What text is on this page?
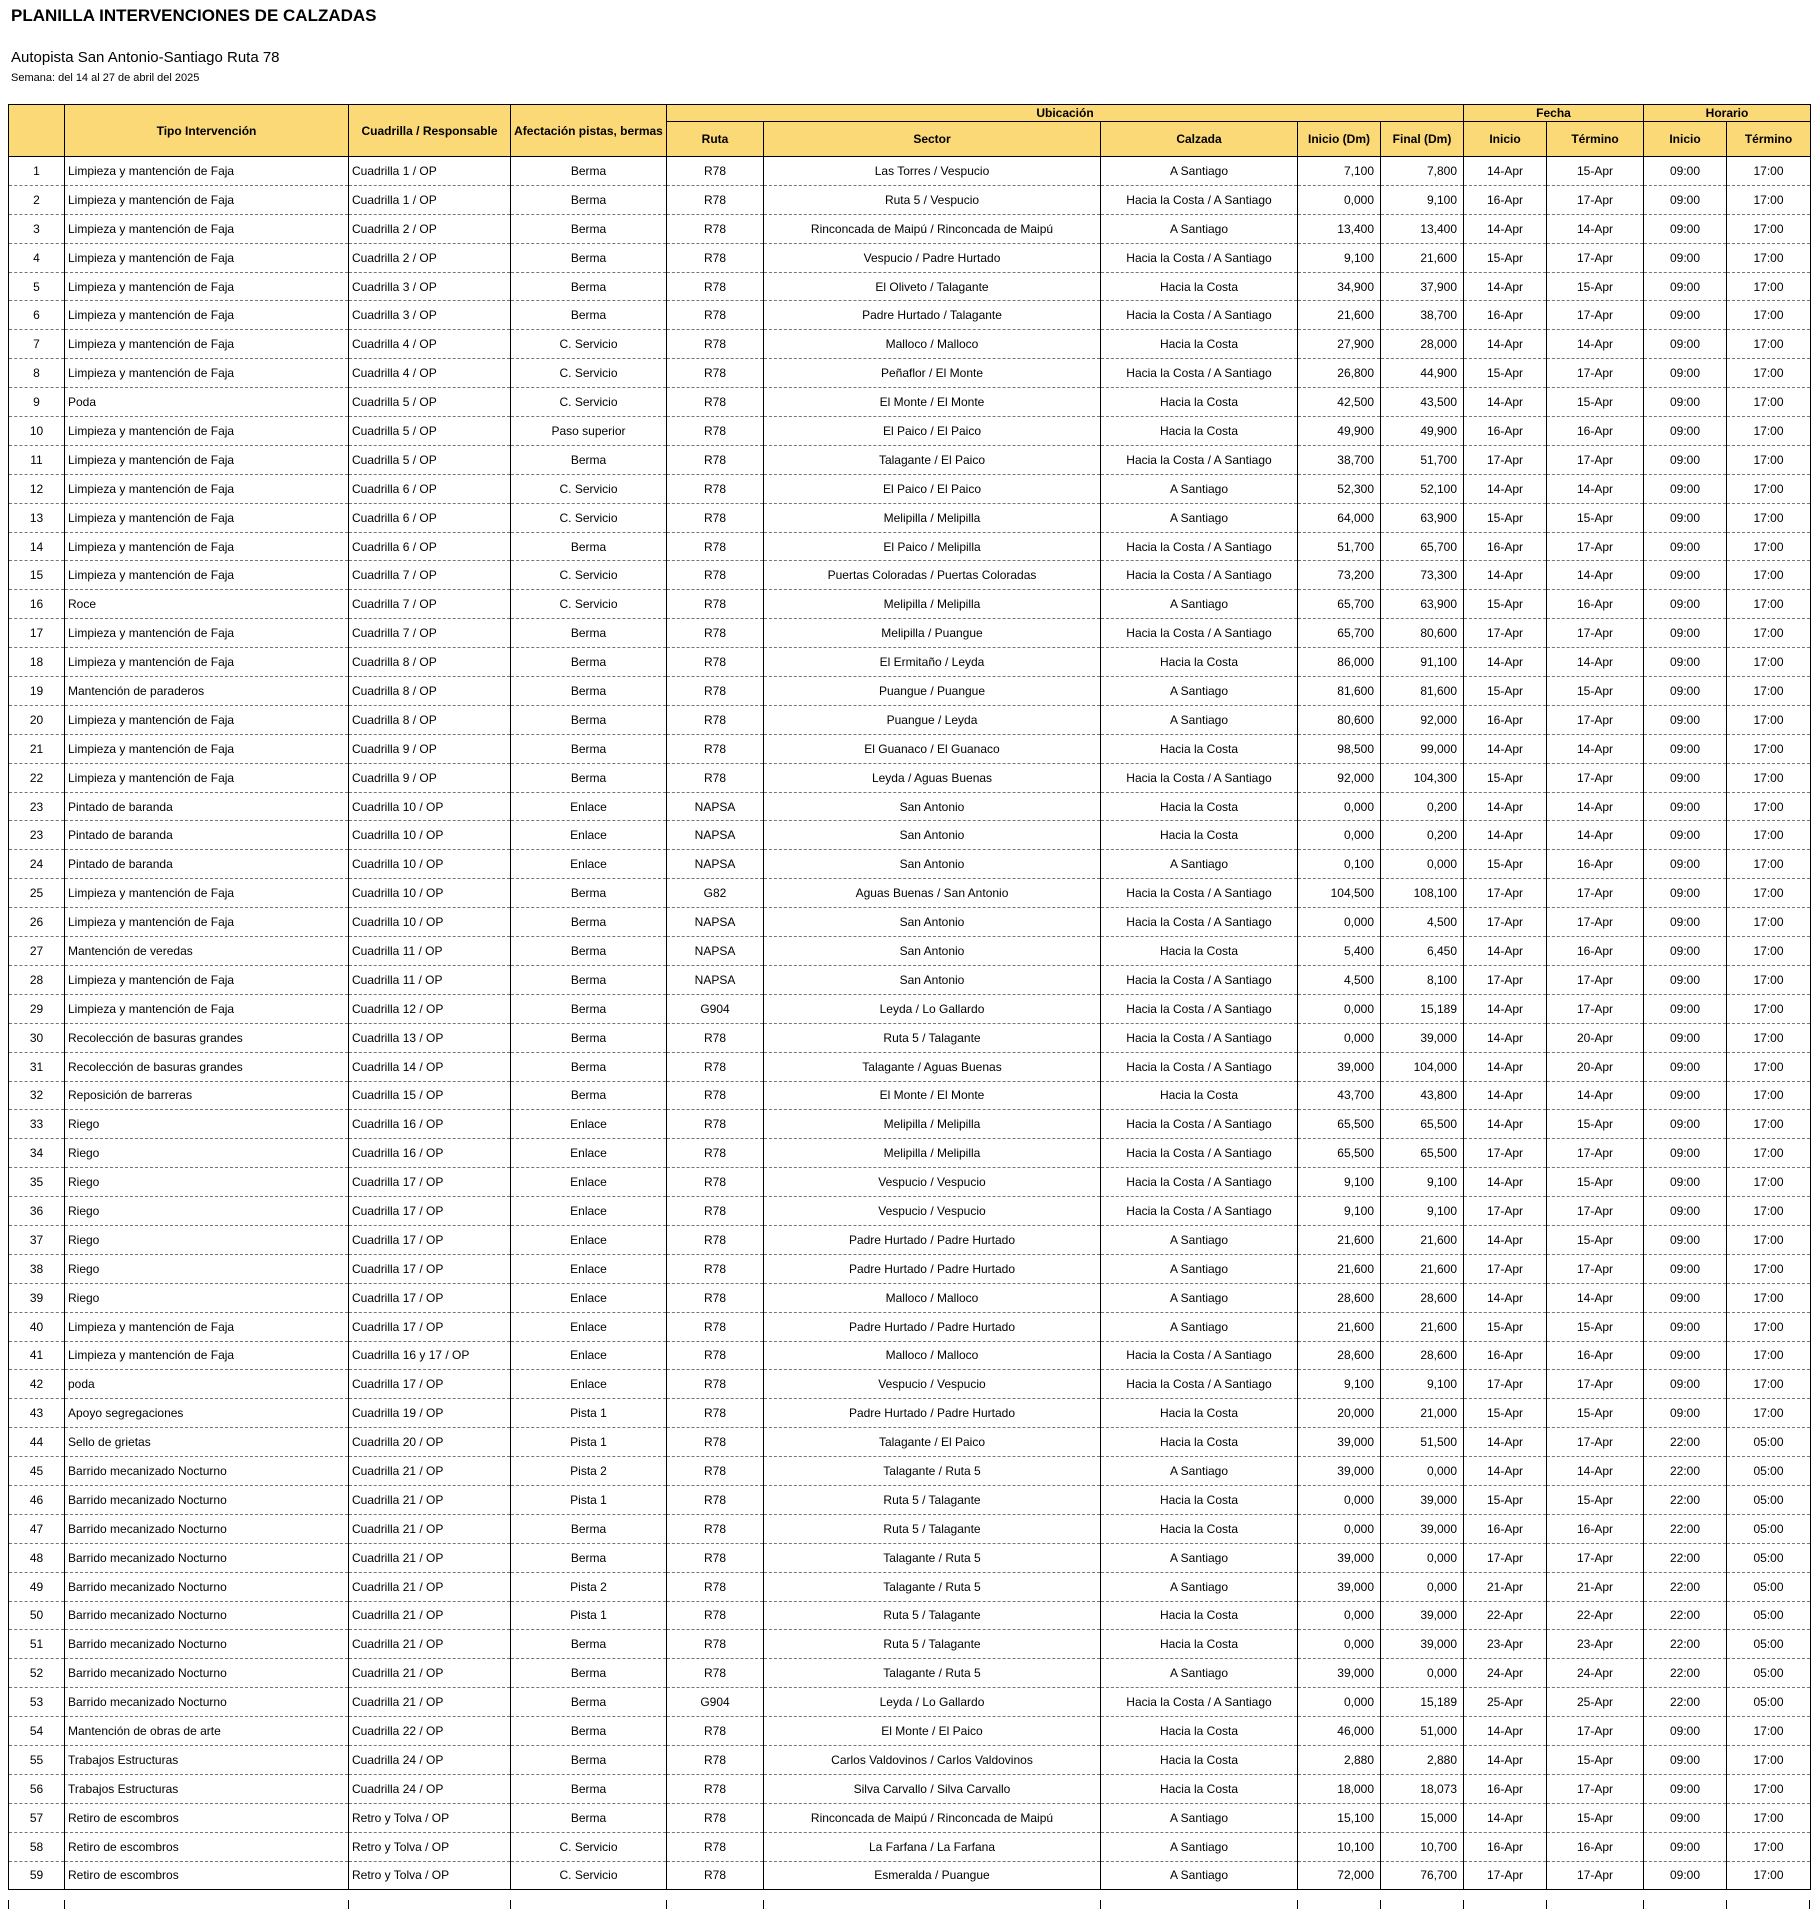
PLANILLA INTERVENCIONES DE CALZADAS
Autopista San Antonio-Santiago Ruta 78
Semana: del 14 al 27 de abril del 2025
	Tipo Intervención	Cuadrilla / Responsable	Afectación pistas, bermas	Ubicación					Fecha		Horario	
				Ruta	Sector	Calzada	Inicio (Dm)	Final (Dm)	Inicio	Término	Inicio	Término
1	Limpieza y mantención de Faja	Cuadrilla 1 / OP	Berma	R78	Las Torres / Vespucio	A Santiago	7,100	7,800	14-Apr	15-Apr	09:00	17:00
2	Limpieza y mantención de Faja	Cuadrilla 1 / OP	Berma	R78	Ruta 5 / Vespucio	Hacia la Costa / A Santiago	0,000	9,100	16-Apr	17-Apr	09:00	17:00
3	Limpieza y mantención de Faja	Cuadrilla 2 / OP	Berma	R78	Rinconcada de Maipú / Rinconcada de Maipú	A Santiago	13,400	13,400	14-Apr	14-Apr	09:00	17:00
4	Limpieza y mantención de Faja	Cuadrilla 2 / OP	Berma	R78	Vespucio / Padre Hurtado	Hacia la Costa / A Santiago	9,100	21,600	15-Apr	17-Apr	09:00	17:00
5	Limpieza y mantención de Faja	Cuadrilla 3 / OP	Berma	R78	El Oliveto / Talagante	Hacia la Costa	34,900	37,900	14-Apr	15-Apr	09:00	17:00
6	Limpieza y mantención de Faja	Cuadrilla 3 / OP	Berma	R78	Padre Hurtado / Talagante	Hacia la Costa / A Santiago	21,600	38,700	16-Apr	17-Apr	09:00	17:00
7	Limpieza y mantención de Faja	Cuadrilla 4 / OP	C. Servicio	R78	Malloco / Malloco	Hacia la Costa	27,900	28,000	14-Apr	14-Apr	09:00	17:00
8	Limpieza y mantención de Faja	Cuadrilla 4 / OP	C. Servicio	R78	Peñaflor / El Monte	Hacia la Costa / A Santiago	26,800	44,900	15-Apr	17-Apr	09:00	17:00
9	Poda	Cuadrilla 5 / OP	C. Servicio	R78	El Monte / El Monte	Hacia la Costa	42,500	43,500	14-Apr	15-Apr	09:00	17:00
10	Limpieza y mantención de Faja	Cuadrilla 5 / OP	Paso superior	R78	El Paico / El Paico	Hacia la Costa	49,900	49,900	16-Apr	16-Apr	09:00	17:00
11	Limpieza y mantención de Faja	Cuadrilla 5 / OP	Berma	R78	Talagante / El Paico	Hacia la Costa / A Santiago	38,700	51,700	17-Apr	17-Apr	09:00	17:00
12	Limpieza y mantención de Faja	Cuadrilla 6 / OP	C. Servicio	R78	El Paico / El Paico	A Santiago	52,300	52,100	14-Apr	14-Apr	09:00	17:00
13	Limpieza y mantención de Faja	Cuadrilla 6 / OP	C. Servicio	R78	Melipilla / Melipilla	A Santiago	64,000	63,900	15-Apr	15-Apr	09:00	17:00
14	Limpieza y mantención de Faja	Cuadrilla 6 / OP	Berma	R78	El Paico / Melipilla	Hacia la Costa / A Santiago	51,700	65,700	16-Apr	17-Apr	09:00	17:00
15	Limpieza y mantención de Faja	Cuadrilla 7 / OP	C. Servicio	R78	Puertas Coloradas / Puertas Coloradas	Hacia la Costa / A Santiago	73,200	73,300	14-Apr	14-Apr	09:00	17:00
16	Roce	Cuadrilla 7 / OP	C. Servicio	R78	Melipilla / Melipilla	A Santiago	65,700	63,900	15-Apr	16-Apr	09:00	17:00
17	Limpieza y mantención de Faja	Cuadrilla 7 / OP	Berma	R78	Melipilla / Puangue	Hacia la Costa / A Santiago	65,700	80,600	17-Apr	17-Apr	09:00	17:00
18	Limpieza y mantención de Faja	Cuadrilla 8 / OP	Berma	R78	El Ermitaño / Leyda	Hacia la Costa	86,000	91,100	14-Apr	14-Apr	09:00	17:00
19	Mantención de paraderos	Cuadrilla 8 / OP	Berma	R78	Puangue / Puangue	A Santiago	81,600	81,600	15-Apr	15-Apr	09:00	17:00
20	Limpieza y mantención de Faja	Cuadrilla 8 / OP	Berma	R78	Puangue / Leyda	A Santiago	80,600	92,000	16-Apr	17-Apr	09:00	17:00
21	Limpieza y mantención de Faja	Cuadrilla 9 / OP	Berma	R78	El Guanaco / El Guanaco	Hacia la Costa	98,500	99,000	14-Apr	14-Apr	09:00	17:00
22	Limpieza y mantención de Faja	Cuadrilla 9 / OP	Berma	R78	Leyda / Aguas Buenas	Hacia la Costa / A Santiago	92,000	104,300	15-Apr	17-Apr	09:00	17:00
23	Pintado de baranda	Cuadrilla 10 / OP	Enlace	NAPSA	San Antonio	Hacia la Costa	0,000	0,200	14-Apr	14-Apr	09:00	17:00
23	Pintado de baranda	Cuadrilla 10 / OP	Enlace	NAPSA	San Antonio	Hacia la Costa	0,000	0,200	14-Apr	14-Apr	09:00	17:00
24	Pintado de baranda	Cuadrilla 10 / OP	Enlace	NAPSA	San Antonio	A Santiago	0,100	0,000	15-Apr	16-Apr	09:00	17:00
25	Limpieza y mantención de Faja	Cuadrilla 10 / OP	Berma	G82	Aguas Buenas / San Antonio	Hacia la Costa / A Santiago	104,500	108,100	17-Apr	17-Apr	09:00	17:00
26	Limpieza y mantención de Faja	Cuadrilla 10 / OP	Berma	NAPSA	San Antonio	Hacia la Costa / A Santiago	0,000	4,500	17-Apr	17-Apr	09:00	17:00
27	Mantención de veredas	Cuadrilla 11 / OP	Berma	NAPSA	San Antonio	Hacia la Costa	5,400	6,450	14-Apr	16-Apr	09:00	17:00
28	Limpieza y mantención de Faja	Cuadrilla 11 / OP	Berma	NAPSA	San Antonio	Hacia la Costa / A Santiago	4,500	8,100	17-Apr	17-Apr	09:00	17:00
29	Limpieza y mantención de Faja	Cuadrilla 12 / OP	Berma	G904	Leyda / Lo Gallardo	Hacia la Costa / A Santiago	0,000	15,189	14-Apr	17-Apr	09:00	17:00
30	Recolección de basuras grandes	Cuadrilla 13 / OP	Berma	R78	Ruta 5 / Talagante	Hacia la Costa / A Santiago	0,000	39,000	14-Apr	20-Apr	09:00	17:00
31	Recolección de basuras grandes	Cuadrilla 14 / OP	Berma	R78	Talagante / Aguas Buenas	Hacia la Costa / A Santiago	39,000	104,000	14-Apr	20-Apr	09:00	17:00
32	Reposición de barreras	Cuadrilla 15 / OP	Berma	R78	El Monte / El Monte	Hacia la Costa	43,700	43,800	14-Apr	14-Apr	09:00	17:00
33	Riego	Cuadrilla 16 / OP	Enlace	R78	Melipilla / Melipilla	Hacia la Costa / A Santiago	65,500	65,500	14-Apr	15-Apr	09:00	17:00
34	Riego	Cuadrilla 16 / OP	Enlace	R78	Melipilla / Melipilla	Hacia la Costa / A Santiago	65,500	65,500	17-Apr	17-Apr	09:00	17:00
35	Riego	Cuadrilla 17 / OP	Enlace	R78	Vespucio / Vespucio	Hacia la Costa / A Santiago	9,100	9,100	14-Apr	15-Apr	09:00	17:00
36	Riego	Cuadrilla 17 / OP	Enlace	R78	Vespucio / Vespucio	Hacia la Costa / A Santiago	9,100	9,100	17-Apr	17-Apr	09:00	17:00
37	Riego	Cuadrilla 17 / OP	Enlace	R78	Padre Hurtado / Padre Hurtado	A Santiago	21,600	21,600	14-Apr	15-Apr	09:00	17:00
38	Riego	Cuadrilla 17 / OP	Enlace	R78	Padre Hurtado / Padre Hurtado	A Santiago	21,600	21,600	17-Apr	17-Apr	09:00	17:00
39	Riego	Cuadrilla 17 / OP	Enlace	R78	Malloco / Malloco	A Santiago	28,600	28,600	14-Apr	14-Apr	09:00	17:00
40	Limpieza y mantención de Faja	Cuadrilla 17 / OP	Enlace	R78	Padre Hurtado / Padre Hurtado	A Santiago	21,600	21,600	15-Apr	15-Apr	09:00	17:00
41	Limpieza y mantención de Faja	Cuadrilla 16 y 17 / OP	Enlace	R78	Malloco / Malloco	Hacia la Costa / A Santiago	28,600	28,600	16-Apr	16-Apr	09:00	17:00
42	poda	Cuadrilla 17 / OP	Enlace	R78	Vespucio / Vespucio	Hacia la Costa / A Santiago	9,100	9,100	17-Apr	17-Apr	09:00	17:00
43	Apoyo segregaciones	Cuadrilla 19 / OP	Pista 1	R78	Padre Hurtado / Padre Hurtado	Hacia la Costa	20,000	21,000	15-Apr	15-Apr	09:00	17:00
44	Sello de grietas	Cuadrilla 20 / OP	Pista 1	R78	Talagante / El Paico	Hacia la Costa	39,000	51,500	14-Apr	17-Apr	22:00	05:00
45	Barrido mecanizado Nocturno	Cuadrilla 21 / OP	Pista 2	R78	Talagante / Ruta 5	A Santiago	39,000	0,000	14-Apr	14-Apr	22:00	05:00
46	Barrido mecanizado Nocturno	Cuadrilla 21 / OP	Pista 1	R78	Ruta 5 / Talagante	Hacia la Costa	0,000	39,000	15-Apr	15-Apr	22:00	05:00
47	Barrido mecanizado Nocturno	Cuadrilla 21 / OP	Berma	R78	Ruta 5 / Talagante	Hacia la Costa	0,000	39,000	16-Apr	16-Apr	22:00	05:00
48	Barrido mecanizado Nocturno	Cuadrilla 21 / OP	Berma	R78	Talagante / Ruta 5	A Santiago	39,000	0,000	17-Apr	17-Apr	22:00	05:00
49	Barrido mecanizado Nocturno	Cuadrilla 21 / OP	Pista 2	R78	Talagante / Ruta 5	A Santiago	39,000	0,000	21-Apr	21-Apr	22:00	05:00
50	Barrido mecanizado Nocturno	Cuadrilla 21 / OP	Pista 1	R78	Ruta 5 / Talagante	Hacia la Costa	0,000	39,000	22-Apr	22-Apr	22:00	05:00
51	Barrido mecanizado Nocturno	Cuadrilla 21 / OP	Berma	R78	Ruta 5 / Talagante	Hacia la Costa	0,000	39,000	23-Apr	23-Apr	22:00	05:00
52	Barrido mecanizado Nocturno	Cuadrilla 21 / OP	Berma	R78	Talagante / Ruta 5	A Santiago	39,000	0,000	24-Apr	24-Apr	22:00	05:00
53	Barrido mecanizado Nocturno	Cuadrilla 21 / OP	Berma	G904	Leyda / Lo Gallardo	Hacia la Costa / A Santiago	0,000	15,189	25-Apr	25-Apr	22:00	05:00
54	Mantención de obras de arte	Cuadrilla 22 / OP	Berma	R78	El Monte / El Paico	Hacia la Costa	46,000	51,000	14-Apr	17-Apr	09:00	17:00
55	Trabajos Estructuras	Cuadrilla 24 / OP	Berma	R78	Carlos Valdovinos / Carlos Valdovinos	Hacia la Costa	2,880	2,880	14-Apr	15-Apr	09:00	17:00
56	Trabajos Estructuras	Cuadrilla 24 / OP	Berma	R78	Silva Carvallo / Silva Carvallo	Hacia la Costa	18,000	18,073	16-Apr	17-Apr	09:00	17:00
57	Retiro de escombros	Retro y Tolva / OP	Berma	R78	Rinconcada de Maipú / Rinconcada de Maipú	A Santiago	15,100	15,000	14-Apr	15-Apr	09:00	17:00
58	Retiro de escombros	Retro y Tolva / OP	C. Servicio	R78	La Farfana / La Farfana	A Santiago	10,100	10,700	16-Apr	16-Apr	09:00	17:00
59	Retiro de escombros	Retro y Tolva / OP	C. Servicio	R78	Esmeralda / Puangue	A Santiago	72,000	76,700	17-Apr	17-Apr	09:00	17:00
